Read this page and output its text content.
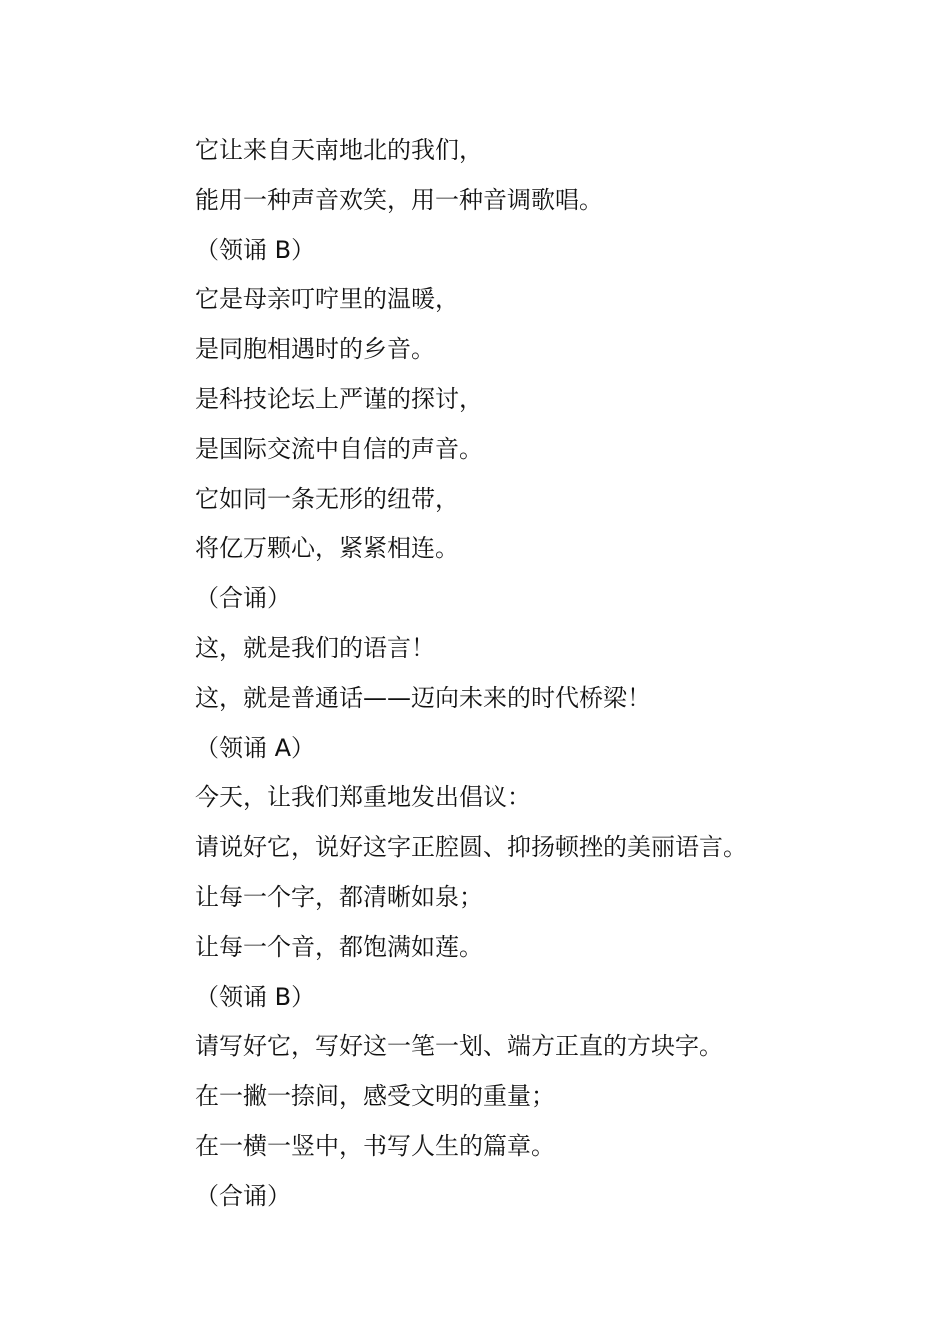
它让来自天南地北的我们，
能用一种声音欢笑，用一种音调歌唱。
（领诵 B）
它是母亲叮咛里的温暖，
是同胞相遇时的乡音。
是科技论坛上严谨的探讨，
是国际交流中自信的声音。
它如同一条无形的纽带，
将亿万颗心，紧紧相连。
（合诵）
这，就是我们的语言！
这，就是普通话——迈向未来的时代桥梁！
（领诵 A）
今天，让我们郑重地发出倡议：
请说好它，说好这字正腔圆、抑扬顿挫的美丽语言。
让每一个字，都清晰如泉；
让每一个音，都饱满如莲。
（领诵 B）
请写好它，写好这一笔一划、端方正直的方块字。
在一撇一捺间，感受文明的重量；
在一横一竖中，书写人生的篇章。
（合诵）
